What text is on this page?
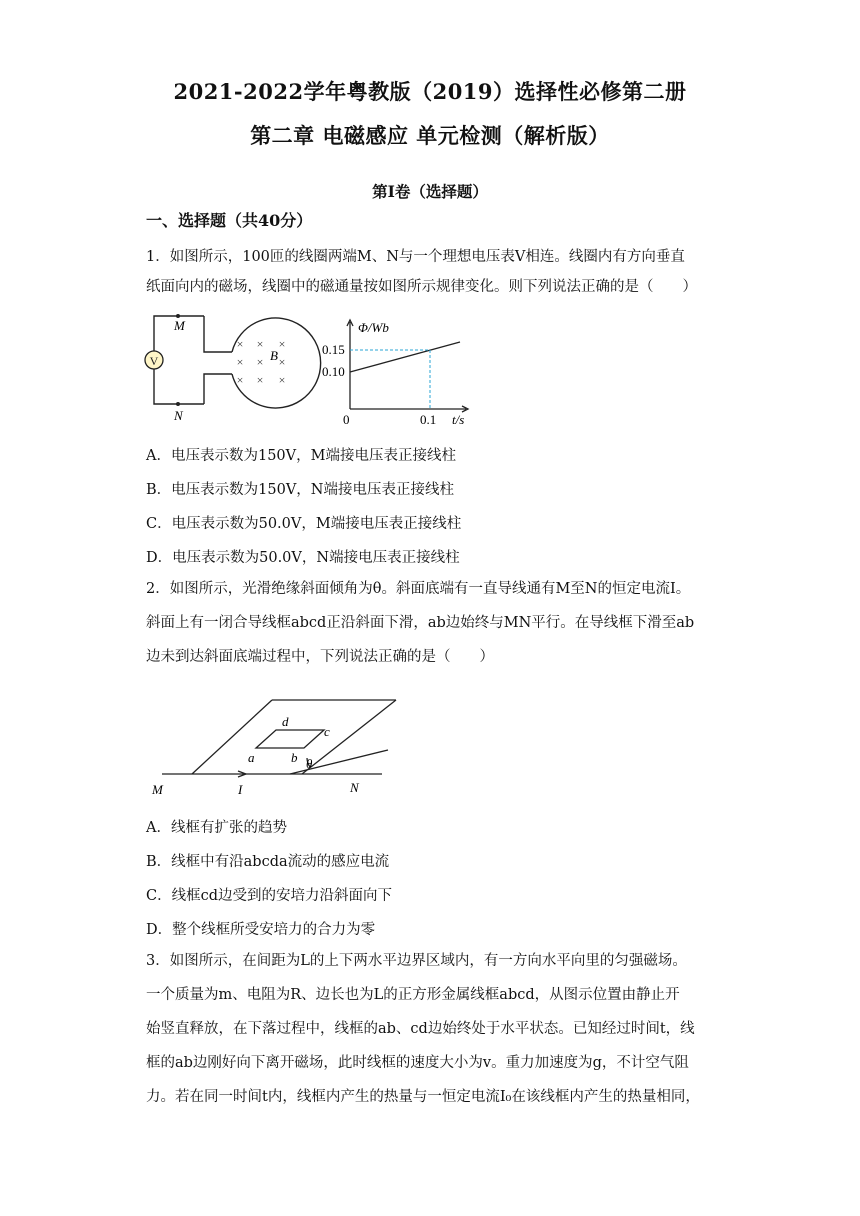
2021-2022学年粤教版（2019）选择性必修第二册
第二章 电磁感应 单元检测（解析版）
第I卷（选择题）
一、选择题（共40分）
1．如图所示，100匝的线圈两端M、N与一个理想电压表V相连。线圈内有方向垂直
纸面向内的磁场，线圈中的磁通量按如图所示规律变化。则下列说法正确的是（　　）
V
M
N
× × ×
× × ×
× × ×
B
Φ/Wb
0.15
0.10
0	0.1 t/s
A．电压表示数为150V，M端接电压表正接线柱
B．电压表示数为150V，N端接电压表正接线柱
C．电压表示数为50.0V，M端接电压表正接线柱
D．电压表示数为50.0V，N端接电压表正接线柱
2．如图所示，光滑绝缘斜面倾角为θ。斜面底端有一直导线通有M至N的恒定电流I。
斜面上有一闭合导线框abcd正沿斜面下滑，ab边始终与MN平行。在导线框下滑至ab
边未到达斜面底端过程中，下列说法正确的是（　　）
a	b
c
d
θ
M	I	N
A．线框有扩张的趋势
B．线框中有沿abcda流动的感应电流
C．线框cd边受到的安培力沿斜面向下
D．整个线框所受安培力的合力为零
3．如图所示，在间距为L的上下两水平边界区域内，有一方向水平向里的匀强磁场。
一个质量为m、电阻为R、边长也为L的正方形金属线框abcd，从图示位置由静止开
始竖直释放，在下落过程中，线框的ab、cd边始终处于水平状态。已知经过时间t，线
框的ab边刚好向下离开磁场，此时线框的速度大小为v。重力加速度为g，不计空气阻
力。若在同一时间t内，线框内产生的热量与一恒定电流I₀在该线框内产生的热量相同，
